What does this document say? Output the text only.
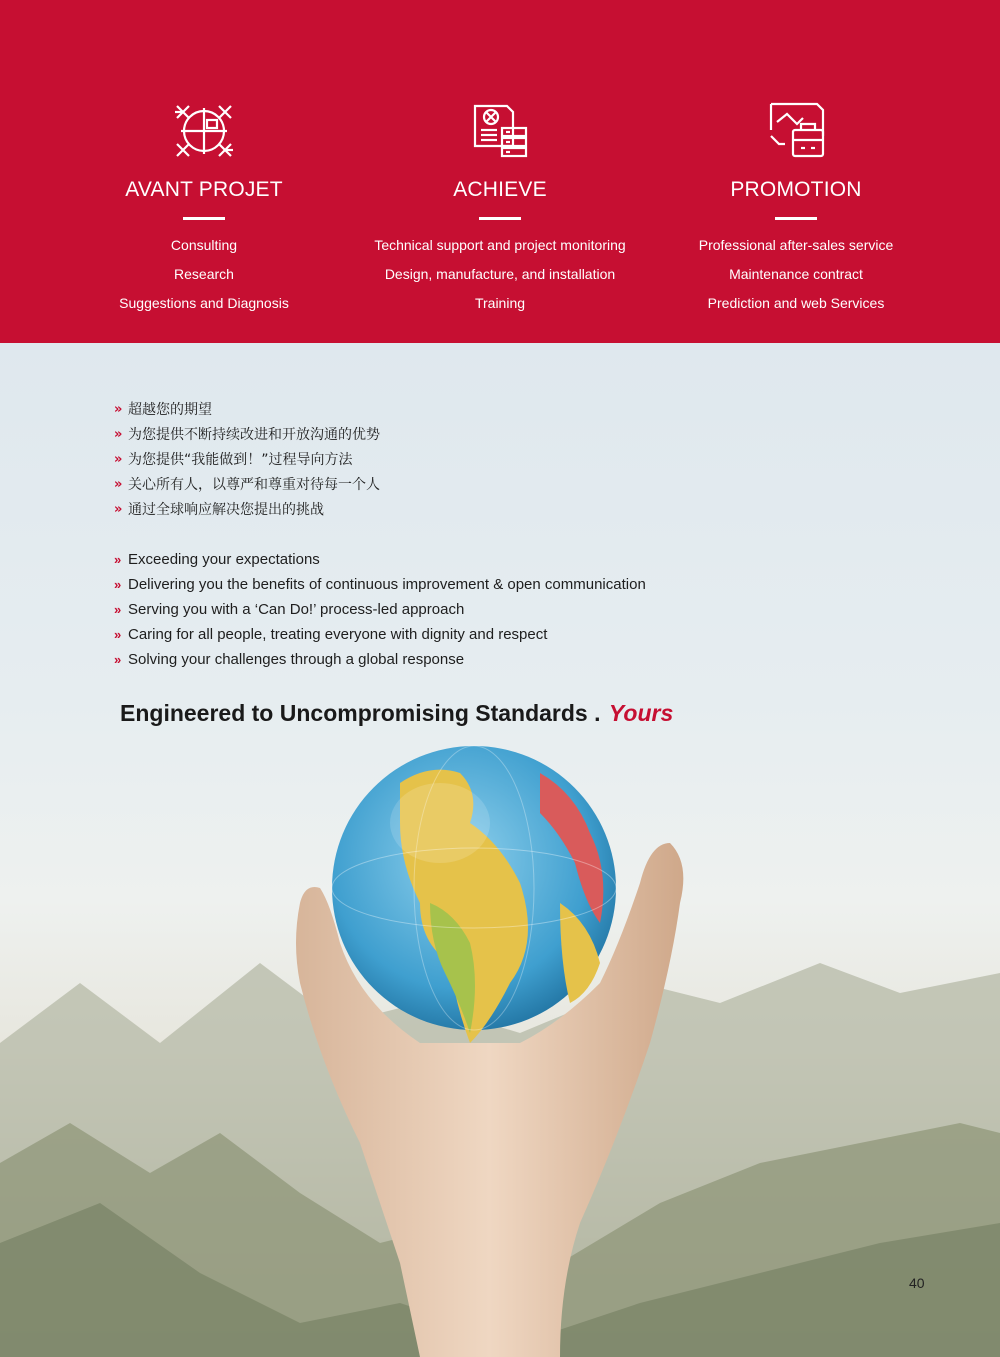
AVANT PROJET
Consulting
Research
Suggestions and Diagnosis
ACHIEVE
Technical support and project monitoring
Design, manufacture, and installation
Training
PROMOTION
Professional after-sales service
Maintenance contract
Prediction and web Services
» 超越您的期望
» 为您提供不断持续改进和开放沟通的优势
» 为您提供“我能做到！”过程导向方法
» 关心所有人，以尊严和尊重对待每一个人
» 通过全球响应解决您提出的挑战
» Exceeding your expectations
» Delivering you the benefits of continuous improvement & open communication
» Serving you with a ‘Can Do!’ process-led approach
» Caring for all people, treating everyone with dignity and respect
» Solving your challenges through a global response
Engineered to Uncompromising Standards . Yours
40
